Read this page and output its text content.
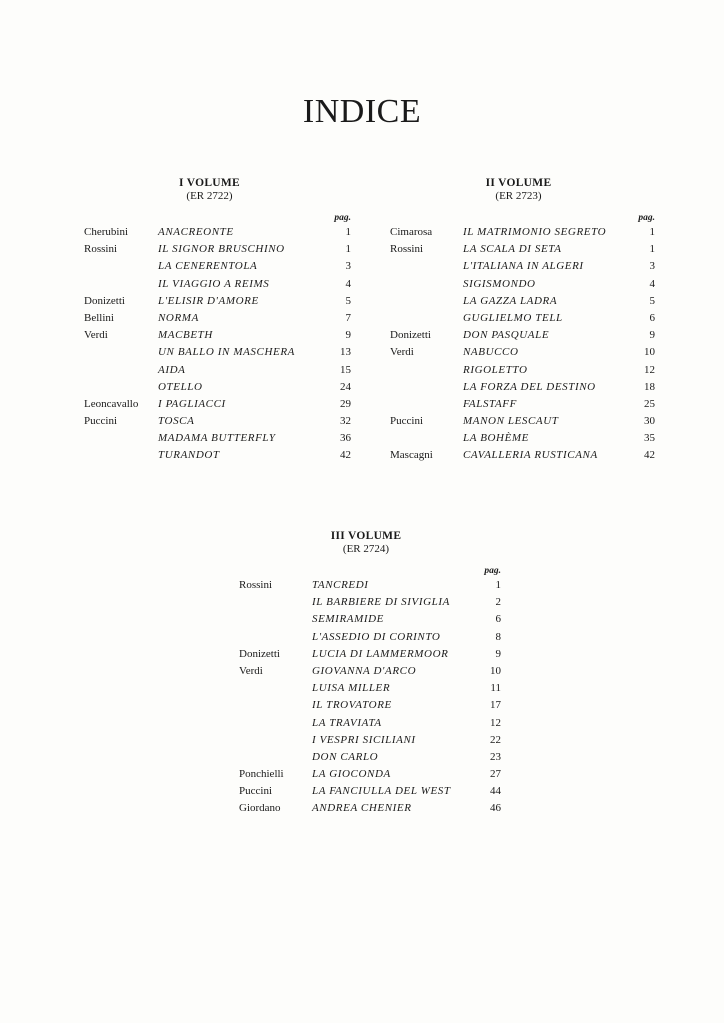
INDICE
I VOLUME
(ER 2722)
pag.
Cherubini	ANACREONTE	1
Rossini	IL SIGNOR BRUSCHINO	1
LA CENERENTOLA	3
IL VIAGGIO A REIMS	4
Donizetti	L'ELISIR D'AMORE	5
Bellini	NORMA	7
Verdi	MACBETH	9
UN BALLO IN MASCHERA	13
AIDA	15
OTELLO	24
Leoncavallo	I PAGLIACCI	29
Puccini	TOSCA	32
MADAMA BUTTERFLY	36
TURANDOT	42
II VOLUME
(ER 2723)
pag.
Cimarosa	IL MATRIMONIO SEGRETO	1
Rossini	LA SCALA DI SETA	1
L'ITALIANA IN ALGERI	3
SIGISMONDO	4
LA GAZZA LADRA	5
GUGLIELMO TELL	6
Donizetti	DON PASQUALE	9
Verdi	NABUCCO	10
RIGOLETTO	12
LA FORZA DEL DESTINO	18
FALSTAFF	25
Puccini	MANON LESCAUT	30
LA BOHÈME	35
Mascagni	CAVALLERIA RUSTICANA	42
III VOLUME
(ER 2724)
pag.
Rossini	TANCREDI	1
IL BARBIERE DI SIVIGLIA	2
SEMIRAMIDE	6
L'ASSEDIO DI CORINTO	8
Donizetti	LUCIA DI LAMMERMOOR	9
Verdi	GIOVANNA D'ARCO	10
LUISA MILLER	11
IL TROVATORE	17
LA TRAVIATA	12
I VESPRI SICILIANI	22
DON CARLO	23
Ponchielli	LA GIOCONDA	27
Puccini	LA FANCIULLA DEL WEST	44
Giordano	ANDREA CHENIER	46
